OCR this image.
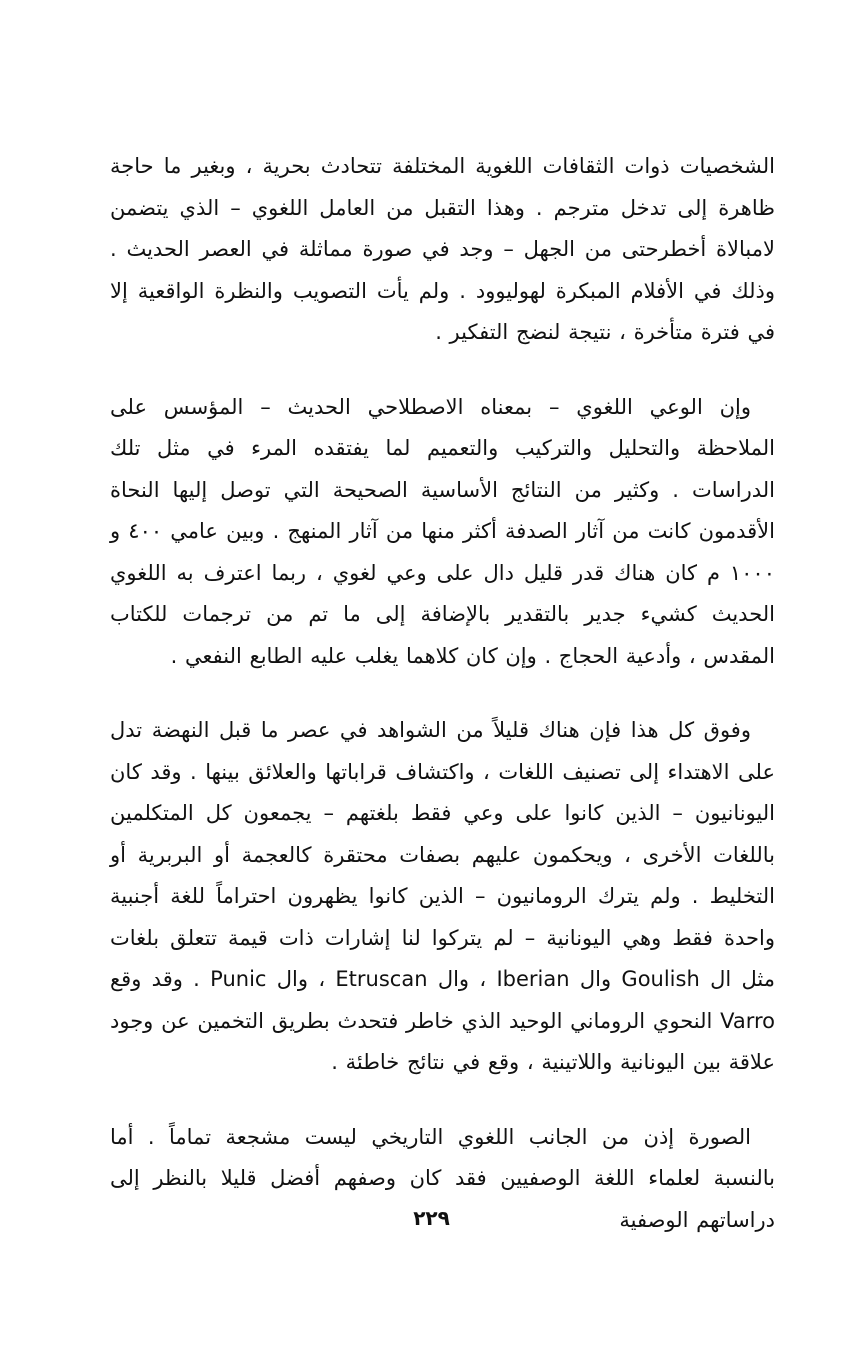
الشخصيات ذوات الثقافات اللغوية المختلفة تتحادث بحرية ، وبغير ما حاجة ظاهرة إلى تدخل مترجم . وهذا التقبل من العامل اللغوي – الذي يتضمن لامبالاة أخطرحتى من الجهل – وجد في صورة مماثلة في العصر الحديث . وذلك في الأفلام المبكرة لهوليوود . ولم يأت التصويب والنظرة الواقعية إلا في فترة متأخرة ، نتيجة لنضج التفكير .

وإن الوعي اللغوي – بمعناه الاصطلاحي الحديث – المؤسس على الملاحظة والتحليل والتركيب والتعميم لما يفتقده المرء في مثل تلك الدراسات . وكثير من النتائج الأساسية الصحيحة التي توصل إليها النحاة الأقدمون كانت من آثار الصدفة أكثر منها من آثار المنهج . وبين عامي ٤٠٠ و ١٠٠٠ م كان هناك قدر قليل دال على وعي لغوي ، ربما اعترف به اللغوي الحديث كشيء جدير بالتقدير بالإضافة إلى ما تم من ترجمات للكتاب المقدس ، وأدعية الحجاج . وإن كان كلاهما يغلب عليه الطابع النفعي .

وفوق كل هذا فإن هناك قليلاً من الشواهد في عصر ما قبل النهضة تدل على الاهتداء إلى تصنيف اللغات ، واكتشاف قراباتها والعلائق بينها . وقد كان اليونانيون – الذين كانوا على وعي فقط بلغتهم – يجمعون كل المتكلمين باللغات الأخرى ، ويحكمون عليهم بصفات محتقرة كالعجمة أو البربرية أو التخليط . ولم يترك الرومانيون – الذين كانوا يظهرون احتراماً للغة أجنبية واحدة فقط وهي اليونانية – لم يتركوا لنا إشارات ذات قيمة تتعلق بلغات مثل ال Goulish وال Iberian ، وال Etruscan ، وال Punic . وقد وقع Varro النحوي الروماني الوحيد الذي خاطر فتحدث بطريق التخمين عن وجود علاقة بين اليونانية واللاتينية ، وقع في نتائج خاطئة .

الصورة إذن من الجانب اللغوي التاريخي ليست مشجعة تماماً . أما بالنسبة لعلماء اللغة الوصفيين فقد كان وصفهم أفضل قليلا بالنظر إلى دراساتهم الوصفية

٢٢٩
